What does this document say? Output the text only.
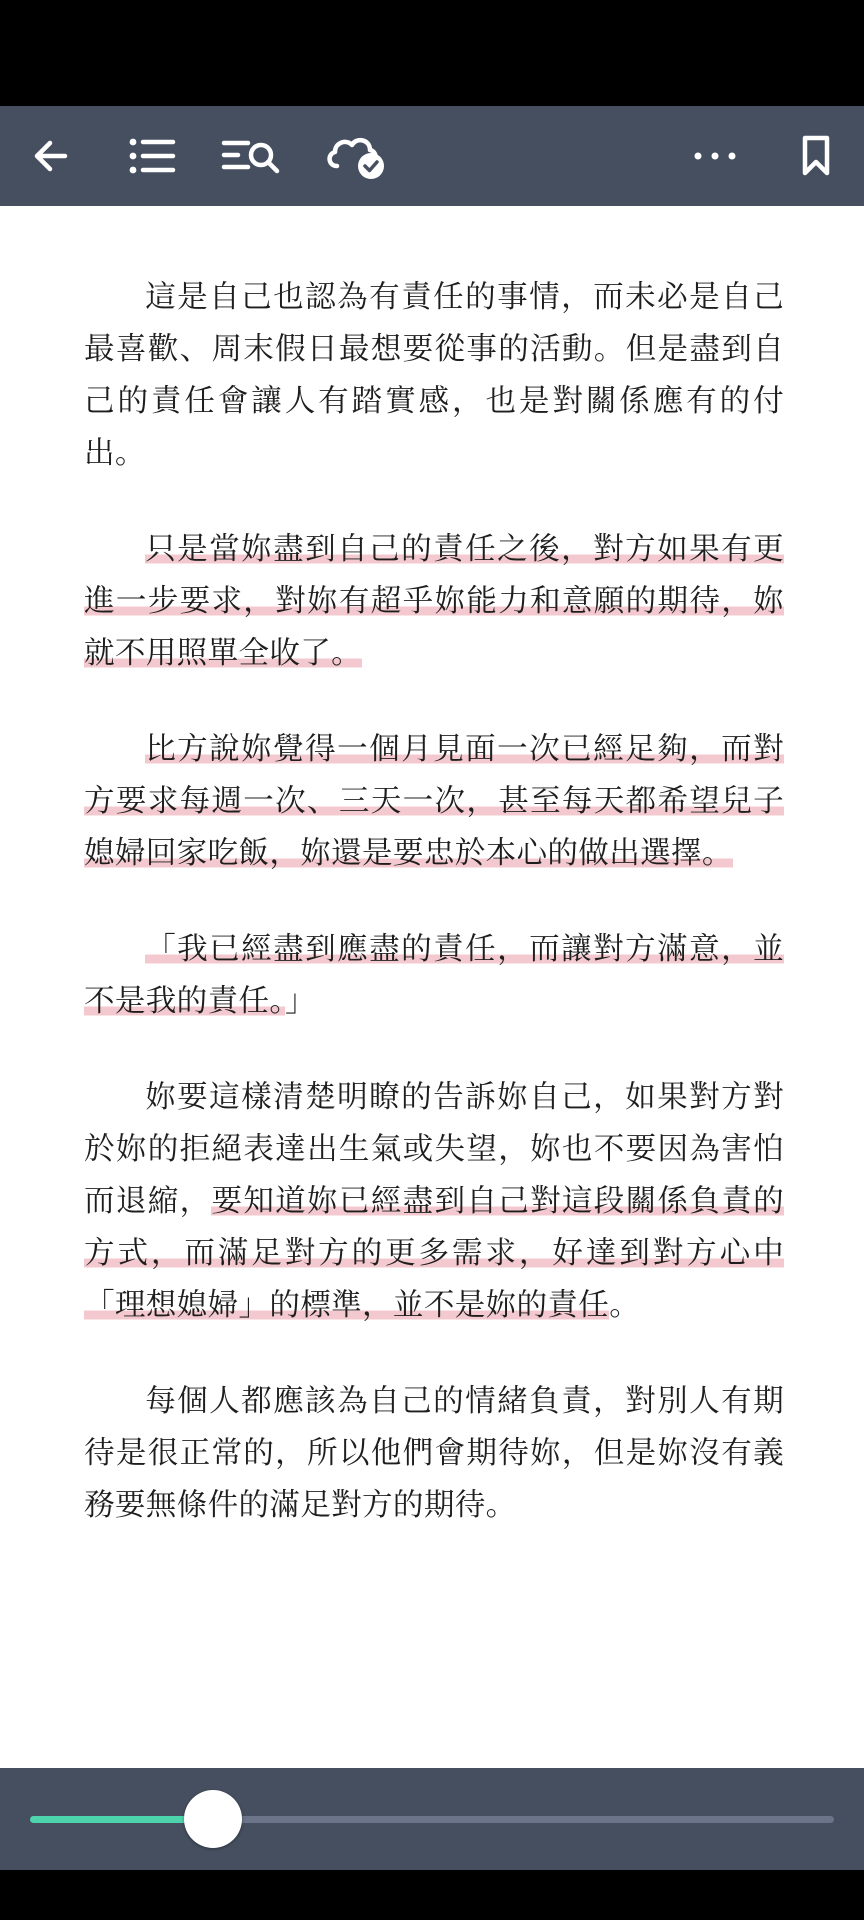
這是自己也認為有責任的事情，而未必是自己最喜歡、周末假日最想要從事的活動。但是盡到自己的責任會讓人有踏實感，也是對關係應有的付出。

只是當妳盡到自己的責任之後，對方如果有更進一步要求，對妳有超乎妳能力和意願的期待，妳就不用照單全收了。

比方說妳覺得一個月見面一次已經足夠，而對方要求每週一次、三天一次，甚至每天都希望兒子媳婦回家吃飯，妳還是要忠於本心的做出選擇。

「我已經盡到應盡的責任，而讓對方滿意，並不是我的責任。」

妳要這樣清楚明瞭的告訴妳自己，如果對方對於妳的拒絕表達出生氣或失望，妳也不要因為害怕而退縮，要知道妳已經盡到自己對這段關係負責的方式，而滿足對方的更多需求，好達到對方心中「理想媳婦」的標準，並不是妳的責任。

每個人都應該為自己的情緒負責，對別人有期待是很正常的，所以他們會期待妳，但是妳沒有義務要無條件的滿足對方的期待。
